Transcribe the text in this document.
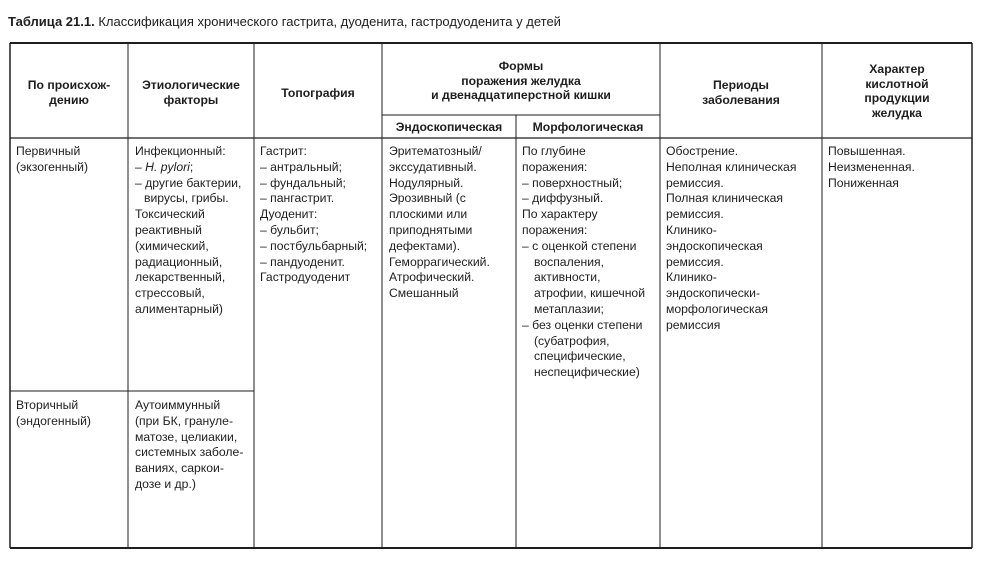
Таблица 21.1. Классификация хронического гастрита, дуоденита, гастродуоденита у детей
По происхож-
дению
Этиологические
факторы	Топография
Формы
поражения желудка
и двенадцатиперстной кишки
Эндоскопическая	Морфологическая
Периоды
заболевания
Характер
кислотной
продукции
желудка
Первичный
(экзогенный)
Инфекционный:
– H. pylori;
– другие бактерии,
вирусы, грибы.
Токсический
реактивный
(химический,
радиационный,
лекарственный,
стрессовый,
алиментарный)
Гастрит:
– антральный;
– фундальный;
– пангастрит.
Дуоденит:
– бульбит;
– постбульбарный;
– пандуоденит.
Гастродуоденит
Эритематозный/
экссудативный.
Нодулярный.
Эрозивный (с
плоскими или
приподнятыми
дефектами).
Геморрагический.
Атрофический.
Смешанный
По глубине
поражения:
– поверхностный;
– диффузный.
По характеру
поражения:
– с оценкой степени
воспаления,
активности,
атрофии, кишечной
метаплазии;
– без оценки степени
(субатрофия,
специфические,
неспецифические)
Обострение.
Неполная клиническая
ремиссия.
Полная клиническая
ремиссия.
Клинико-
эндоскопическая
ремиссия.
Клинико-
эндоскопически-
морфологическая
ремиссия
Повышенная.
Неизмененная.
Пониженная
Вторичный
(эндогенный)
Аутоиммунный
(при БК, грануле-
матозе, целиакии,
системных заболе-
ваниях, саркои-
дозе и др.)
